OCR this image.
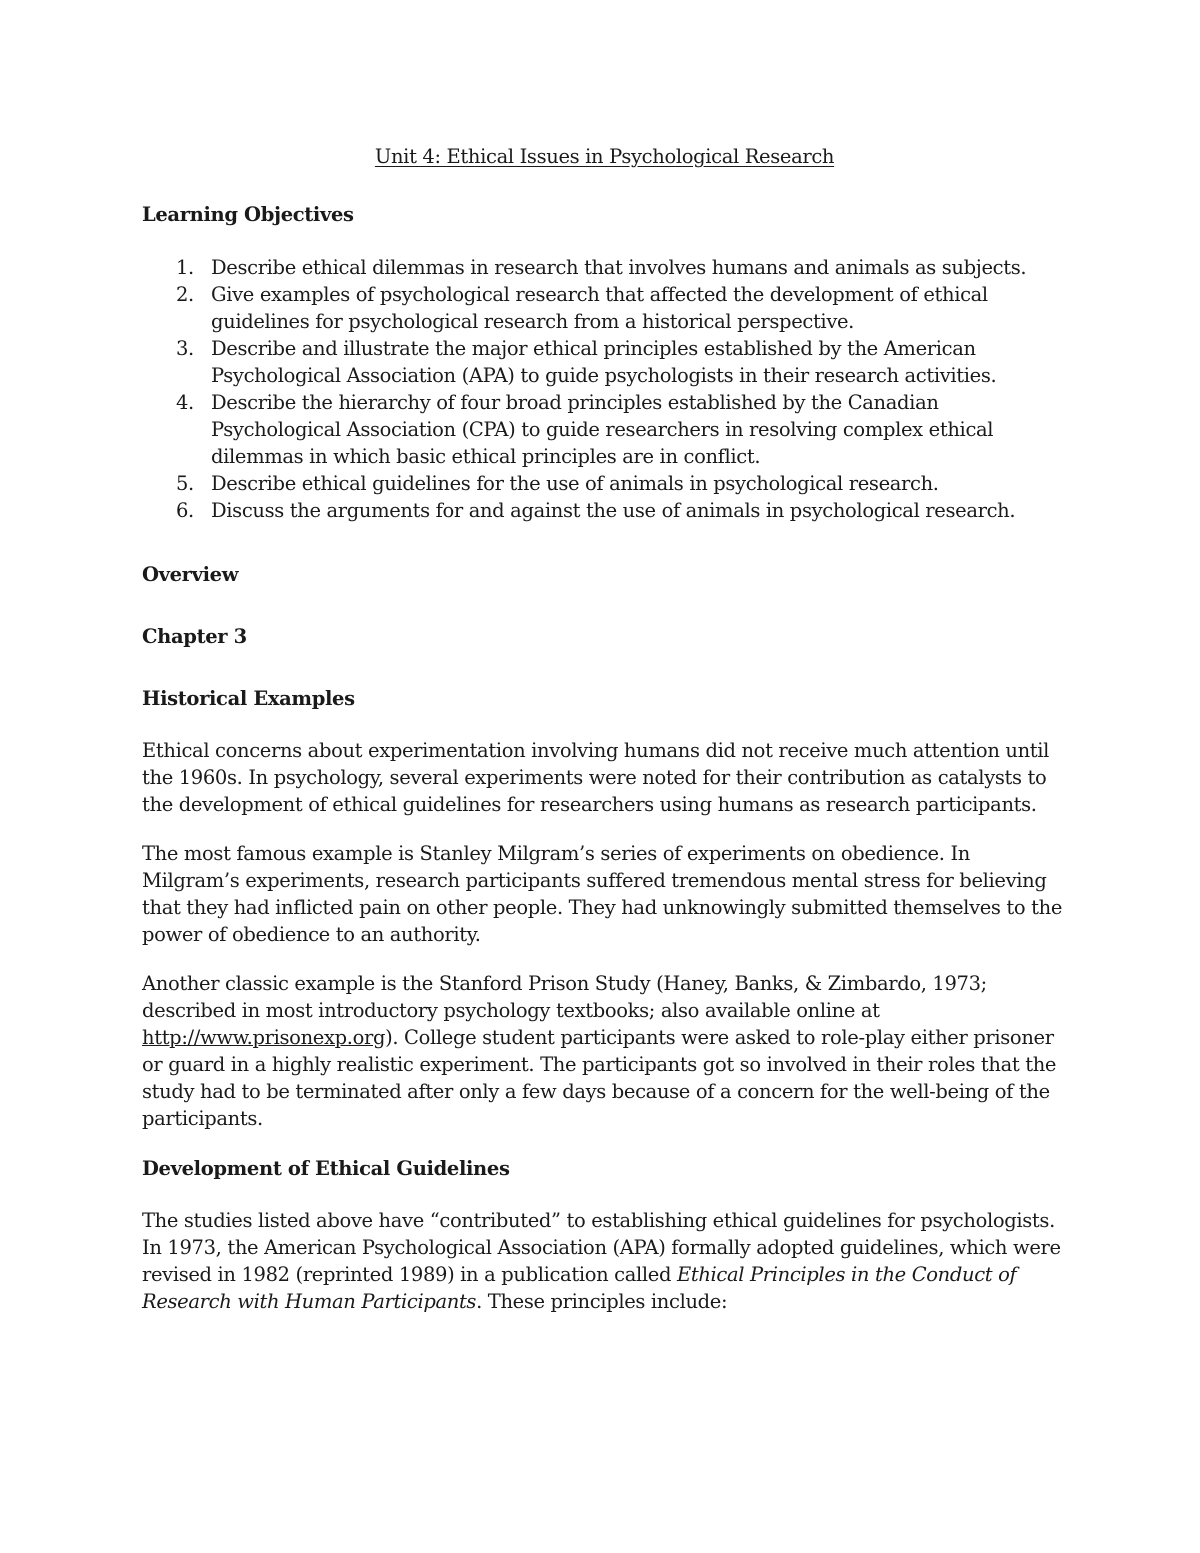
Unit 4: Ethical Issues in Psychological Research
Learning Objectives
1. Describe ethical dilemmas in research that involves humans and animals as subjects.
2. Give examples of psychological research that affected the development of ethical guidelines for psychological research from a historical perspective.
3. Describe and illustrate the major ethical principles established by the American Psychological Association (APA) to guide psychologists in their research activities.
4. Describe the hierarchy of four broad principles established by the Canadian Psychological Association (CPA) to guide researchers in resolving complex ethical dilemmas in which basic ethical principles are in conflict.
5. Describe ethical guidelines for the use of animals in psychological research.
6. Discuss the arguments for and against the use of animals in psychological research.
Overview
Chapter 3
Historical Examples

Ethical concerns about experimentation involving humans did not receive much attention until the 1960s. In psychology, several experiments were noted for their contribution as catalysts to the development of ethical guidelines for researchers using humans as research participants.

The most famous example is Stanley Milgram’s series of experiments on obedience. In Milgram’s experiments, research participants suffered tremendous mental stress for believing that they had inflicted pain on other people. They had unknowingly submitted themselves to the power of obedience to an authority.

Another classic example is the Stanford Prison Study (Haney, Banks, & Zimbardo, 1973; described in most introductory psychology textbooks; also available online at http://www.prisonexp.org). College student participants were asked to role-play either prisoner or guard in a highly realistic experiment. The participants got so involved in their roles that the study had to be terminated after only a few days because of a concern for the well-being of the participants.

Development of Ethical Guidelines

The studies listed above have “contributed” to establishing ethical guidelines for psychologists. In 1973, the American Psychological Association (APA) formally adopted guidelines, which were revised in 1982 (reprinted 1989) in a publication called Ethical Principles in the Conduct of Research with Human Participants. These principles include:
